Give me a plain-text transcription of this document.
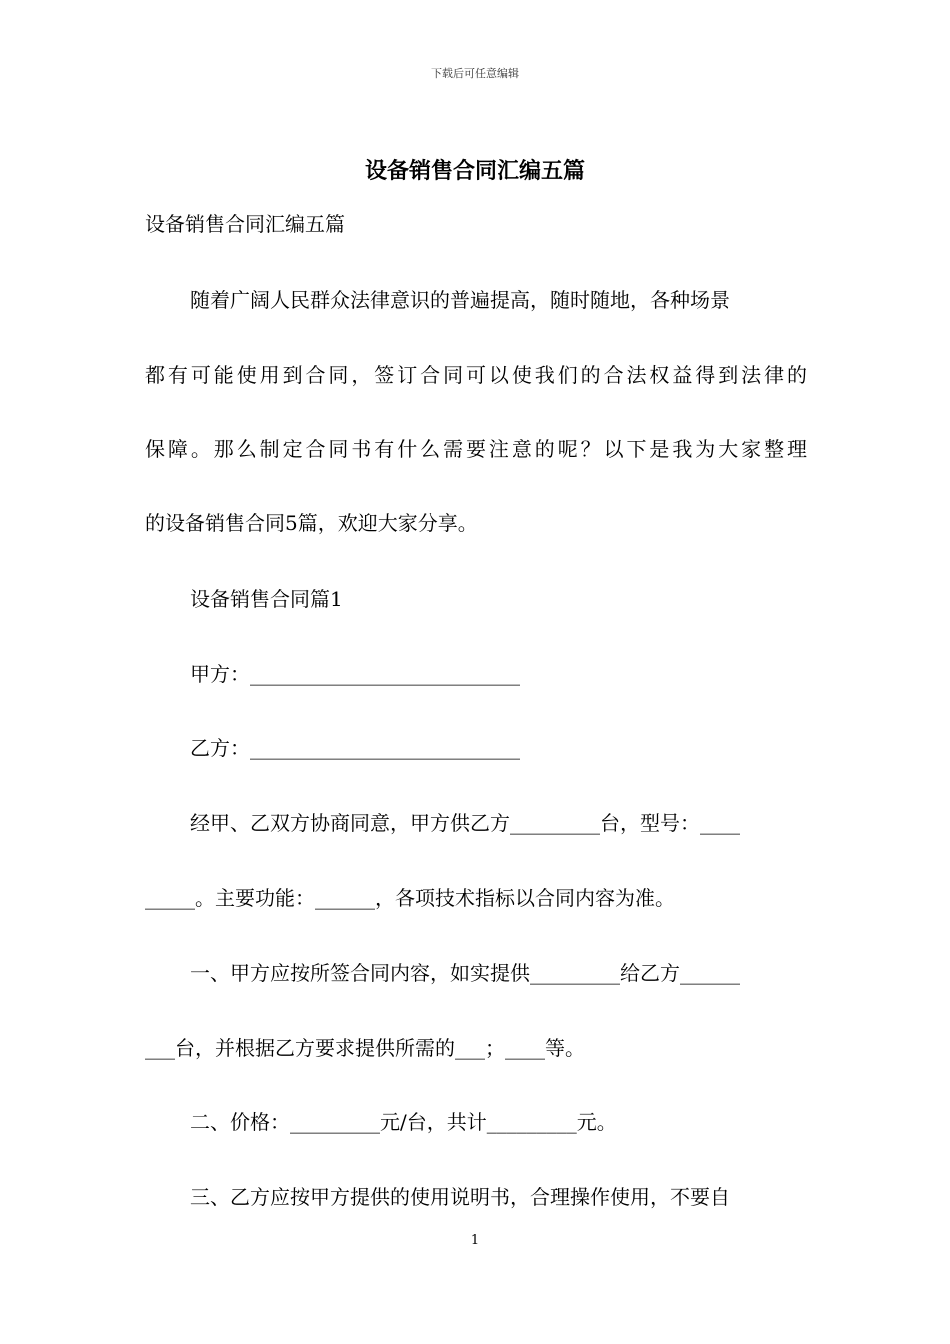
下载后可任意编辑
设备销售合同汇编五篇
设备销售合同汇编五篇
随着广阔人民群众法律意识的普遍提高，随时随地，各种场景
都有可能使用到合同，签订合同可以使我们的合法权益得到法律的
保障。那么制定合同书有什么需要注意的呢？以下是我为大家整理
的设备销售合同5篇，欢迎大家分享。
设备销售合同篇1
甲方：___________________________
乙方：___________________________
经甲、乙双方协商同意，甲方供乙方_________台，型号：____
_____。主要功能：______，各项技术指标以合同内容为准。
一、甲方应按所签合同内容，如实提供_________给乙方______
___台，并根据乙方要求提供所需的___；____等。
二、价格：_________元/台，共计_________元。
三、乙方应按甲方提供的使用说明书，合理操作使用，不要自
1
